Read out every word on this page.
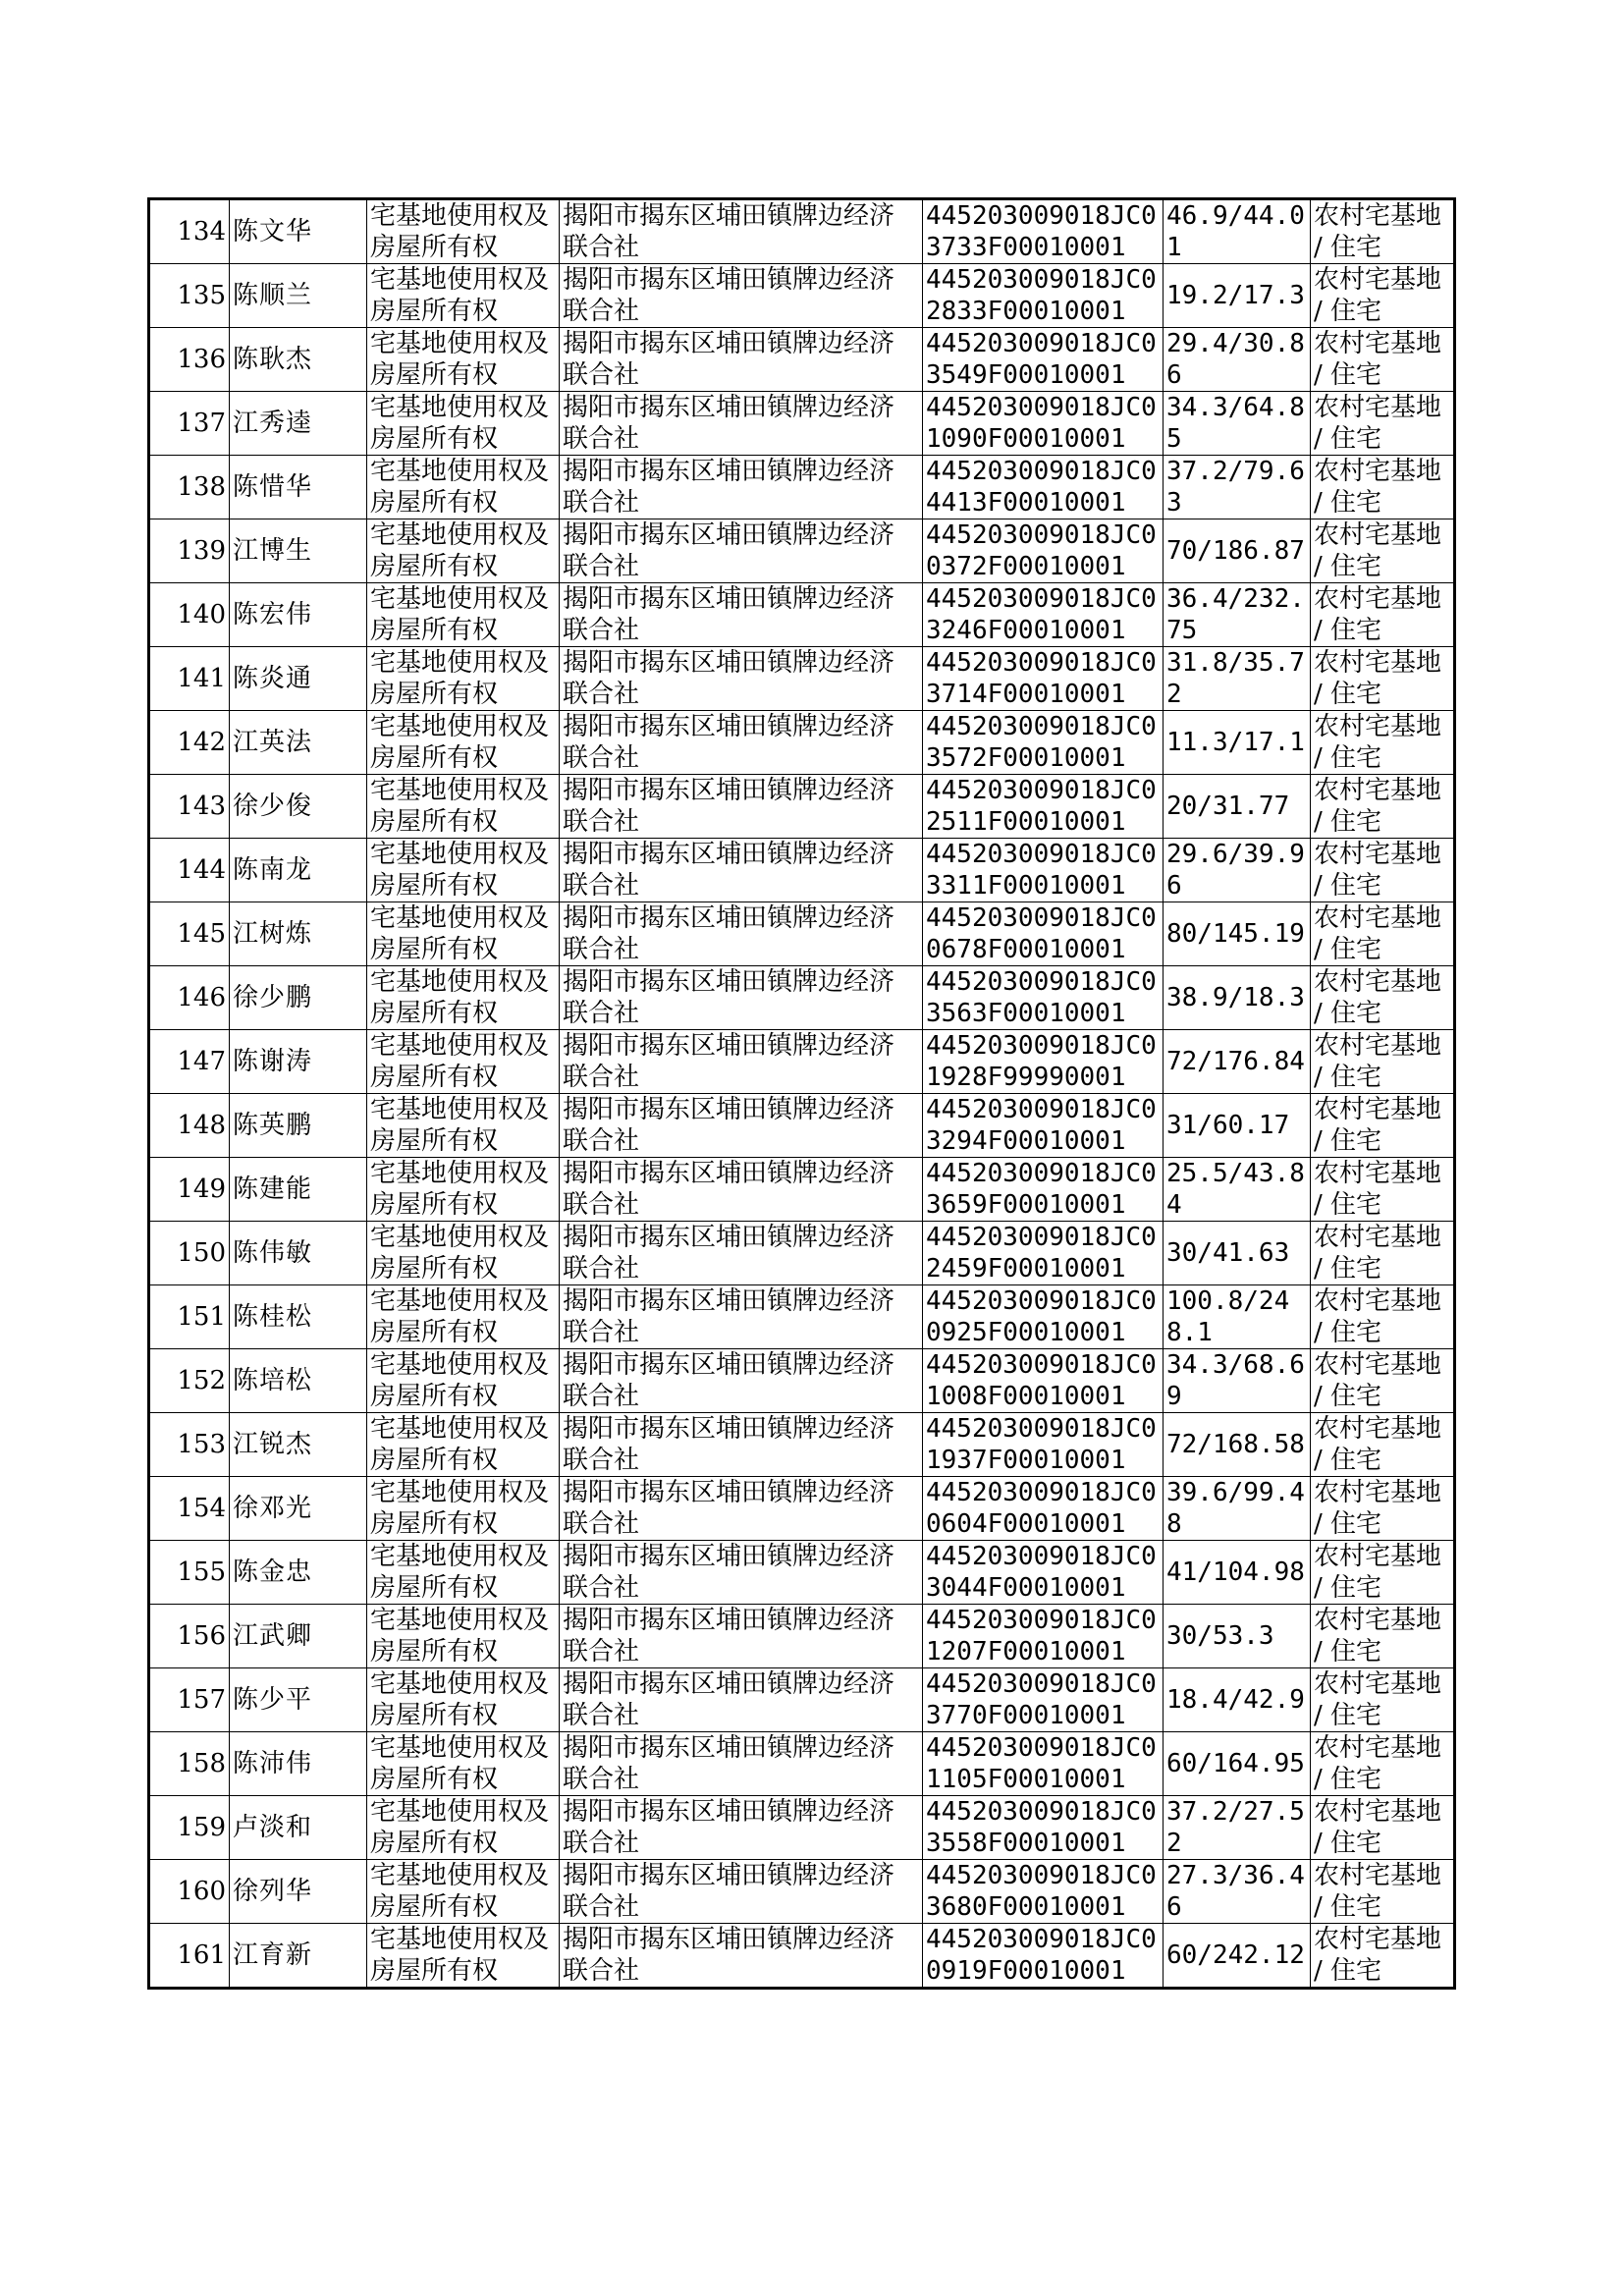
134	陈文华	宅基地使用权及房屋所有权	揭阳市揭东区埔田镇牌边经济联合社	445203009018JC03733F00010001	46.9/44.01	农村宅基地 / 住宅
135	陈顺兰	宅基地使用权及房屋所有权	揭阳市揭东区埔田镇牌边经济联合社	445203009018JC02833F00010001	19.2/17.3	农村宅基地 / 住宅
136	陈耿杰	宅基地使用权及房屋所有权	揭阳市揭东区埔田镇牌边经济联合社	445203009018JC03549F00010001	29.4/30.86	农村宅基地 / 住宅
137	江秀逵	宅基地使用权及房屋所有权	揭阳市揭东区埔田镇牌边经济联合社	445203009018JC01090F00010001	34.3/64.85	农村宅基地 / 住宅
138	陈惜华	宅基地使用权及房屋所有权	揭阳市揭东区埔田镇牌边经济联合社	445203009018JC04413F00010001	37.2/79.63	农村宅基地 / 住宅
139	江博生	宅基地使用权及房屋所有权	揭阳市揭东区埔田镇牌边经济联合社	445203009018JC00372F00010001	70/186.87	农村宅基地 / 住宅
140	陈宏伟	宅基地使用权及房屋所有权	揭阳市揭东区埔田镇牌边经济联合社	445203009018JC03246F00010001	36.4/232.75	农村宅基地 / 住宅
141	陈炎通	宅基地使用权及房屋所有权	揭阳市揭东区埔田镇牌边经济联合社	445203009018JC03714F00010001	31.8/35.72	农村宅基地 / 住宅
142	江英法	宅基地使用权及房屋所有权	揭阳市揭东区埔田镇牌边经济联合社	445203009018JC03572F00010001	11.3/17.1	农村宅基地 / 住宅
143	徐少俊	宅基地使用权及房屋所有权	揭阳市揭东区埔田镇牌边经济联合社	445203009018JC02511F00010001	20/31.77	农村宅基地 / 住宅
144	陈南龙	宅基地使用权及房屋所有权	揭阳市揭东区埔田镇牌边经济联合社	445203009018JC03311F00010001	29.6/39.96	农村宅基地 / 住宅
145	江树炼	宅基地使用权及房屋所有权	揭阳市揭东区埔田镇牌边经济联合社	445203009018JC00678F00010001	80/145.19	农村宅基地 / 住宅
146	徐少鹏	宅基地使用权及房屋所有权	揭阳市揭东区埔田镇牌边经济联合社	445203009018JC03563F00010001	38.9/18.3	农村宅基地 / 住宅
147	陈谢涛	宅基地使用权及房屋所有权	揭阳市揭东区埔田镇牌边经济联合社	445203009018JC01928F99990001	72/176.84	农村宅基地 / 住宅
148	陈英鹏	宅基地使用权及房屋所有权	揭阳市揭东区埔田镇牌边经济联合社	445203009018JC03294F00010001	31/60.17	农村宅基地 / 住宅
149	陈建能	宅基地使用权及房屋所有权	揭阳市揭东区埔田镇牌边经济联合社	445203009018JC03659F00010001	25.5/43.84	农村宅基地 / 住宅
150	陈伟敏	宅基地使用权及房屋所有权	揭阳市揭东区埔田镇牌边经济联合社	445203009018JC02459F00010001	30/41.63	农村宅基地 / 住宅
151	陈桂松	宅基地使用权及房屋所有权	揭阳市揭东区埔田镇牌边经济联合社	445203009018JC00925F00010001	100.8/248.1	农村宅基地 / 住宅
152	陈培松	宅基地使用权及房屋所有权	揭阳市揭东区埔田镇牌边经济联合社	445203009018JC01008F00010001	34.3/68.69	农村宅基地 / 住宅
153	江锐杰	宅基地使用权及房屋所有权	揭阳市揭东区埔田镇牌边经济联合社	445203009018JC01937F00010001	72/168.58	农村宅基地 / 住宅
154	徐邓光	宅基地使用权及房屋所有权	揭阳市揭东区埔田镇牌边经济联合社	445203009018JC00604F00010001	39.6/99.48	农村宅基地 / 住宅
155	陈金忠	宅基地使用权及房屋所有权	揭阳市揭东区埔田镇牌边经济联合社	445203009018JC03044F00010001	41/104.98	农村宅基地 / 住宅
156	江武卿	宅基地使用权及房屋所有权	揭阳市揭东区埔田镇牌边经济联合社	445203009018JC01207F00010001	30/53.3	农村宅基地 / 住宅
157	陈少平	宅基地使用权及房屋所有权	揭阳市揭东区埔田镇牌边经济联合社	445203009018JC03770F00010001	18.4/42.9	农村宅基地 / 住宅
158	陈沛伟	宅基地使用权及房屋所有权	揭阳市揭东区埔田镇牌边经济联合社	445203009018JC01105F00010001	60/164.95	农村宅基地 / 住宅
159	卢淡和	宅基地使用权及房屋所有权	揭阳市揭东区埔田镇牌边经济联合社	445203009018JC03558F00010001	37.2/27.52	农村宅基地 / 住宅
160	徐列华	宅基地使用权及房屋所有权	揭阳市揭东区埔田镇牌边经济联合社	445203009018JC03680F00010001	27.3/36.46	农村宅基地 / 住宅
161	江育新	宅基地使用权及房屋所有权	揭阳市揭东区埔田镇牌边经济联合社	445203009018JC00919F00010001	60/242.12	农村宅基地 / 住宅
